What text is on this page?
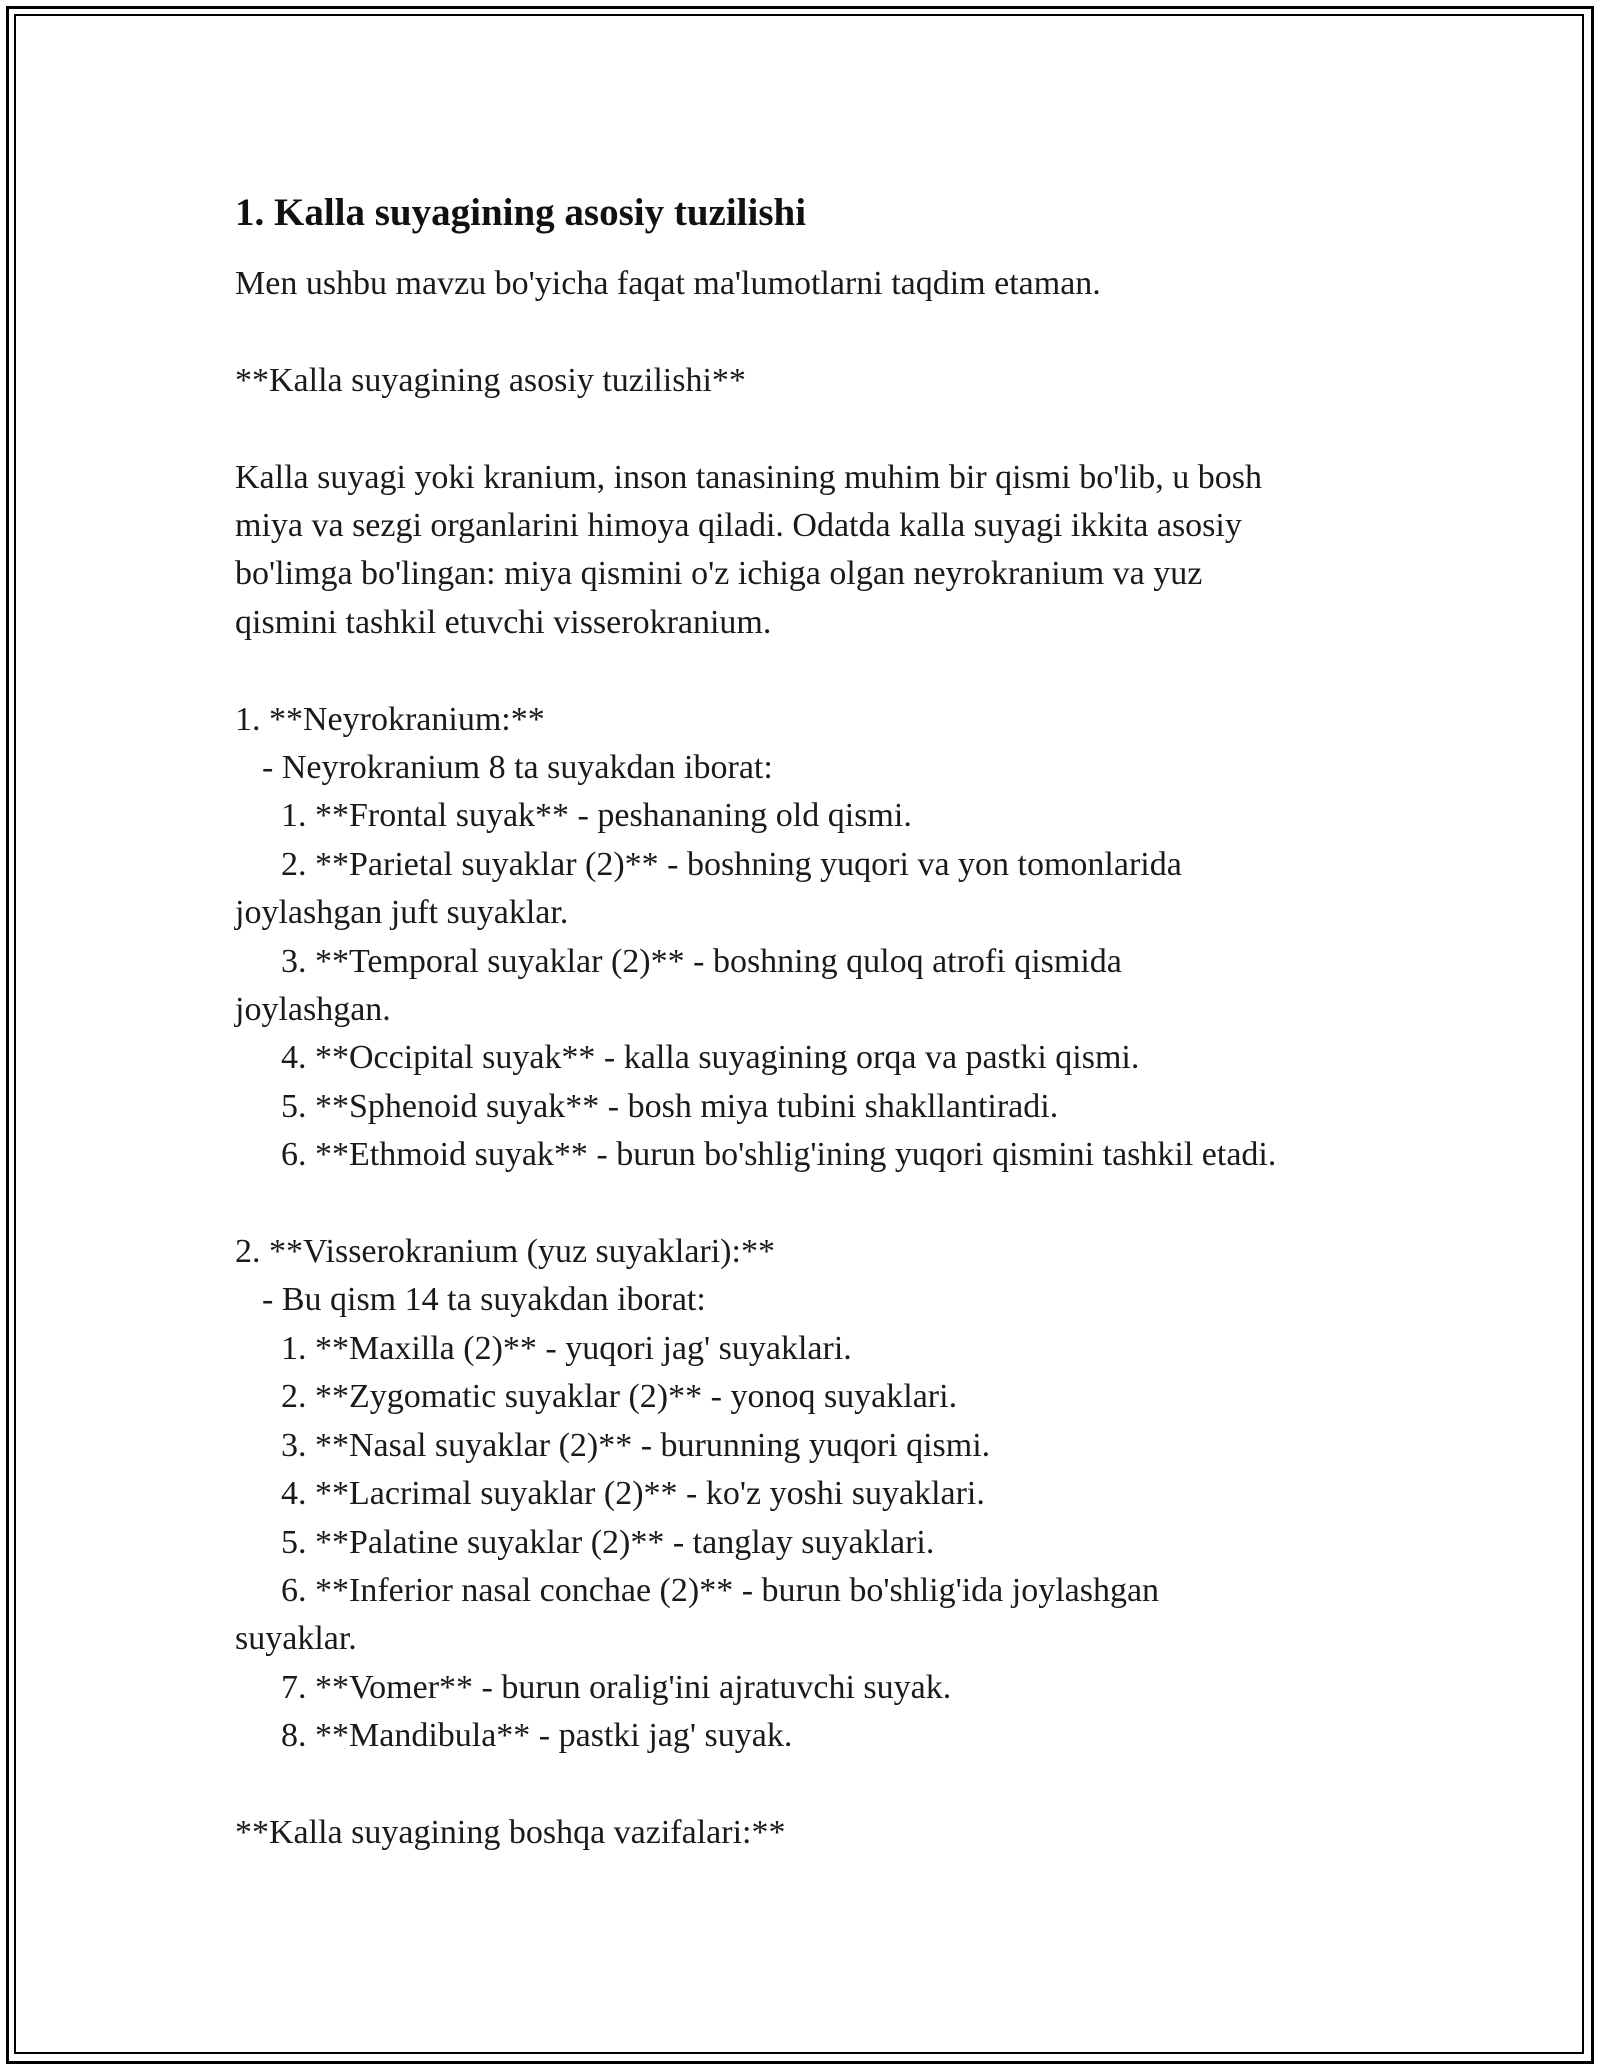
1. Kalla suyagining asosiy tuzilishi

Men ushbu mavzu bo'yicha faqat ma'lumotlarni taqdim etaman.

**Kalla suyagining asosiy tuzilishi**

Kalla suyagi yoki kranium, inson tanasining muhim bir qismi bo'lib, u bosh

miya va sezgi organlarini himoya qiladi. Odatda kalla suyagi ikkita asosiy

bo'limga bo'lingan: miya qismini o'z ichiga olgan neyrokranium va yuz

qismini tashkil etuvchi visserokranium.

1. **Neyrokranium:**

- Neyrokranium 8 ta suyakdan iborat:

1. **Frontal suyak** - peshananing old qismi.

2. **Parietal suyaklar (2)** - boshning yuqori va yon tomonlarida

joylashgan juft suyaklar.

3. **Temporal suyaklar (2)** - boshning quloq atrofi qismida

joylashgan.

4. **Occipital suyak** - kalla suyagining orqa va pastki qismi.

5. **Sphenoid suyak** - bosh miya tubini shakllantiradi.

6. **Ethmoid suyak** - burun bo'shlig'ining yuqori qismini tashkil etadi.

2. **Visserokranium (yuz suyaklari):**

- Bu qism 14 ta suyakdan iborat:

1. **Maxilla (2)** - yuqori jag' suyaklari.

2. **Zygomatic suyaklar (2)** - yonoq suyaklari.

3. **Nasal suyaklar (2)** - burunning yuqori qismi.

4. **Lacrimal suyaklar (2)** - ko'z yoshi suyaklari.

5. **Palatine suyaklar (2)** - tanglay suyaklari.

6. **Inferior nasal conchae (2)** - burun bo'shlig'ida joylashgan

suyaklar.

7. **Vomer** - burun oralig'ini ajratuvchi suyak.

8. **Mandibula** - pastki jag' suyak.

**Kalla suyagining boshqa vazifalari:**
